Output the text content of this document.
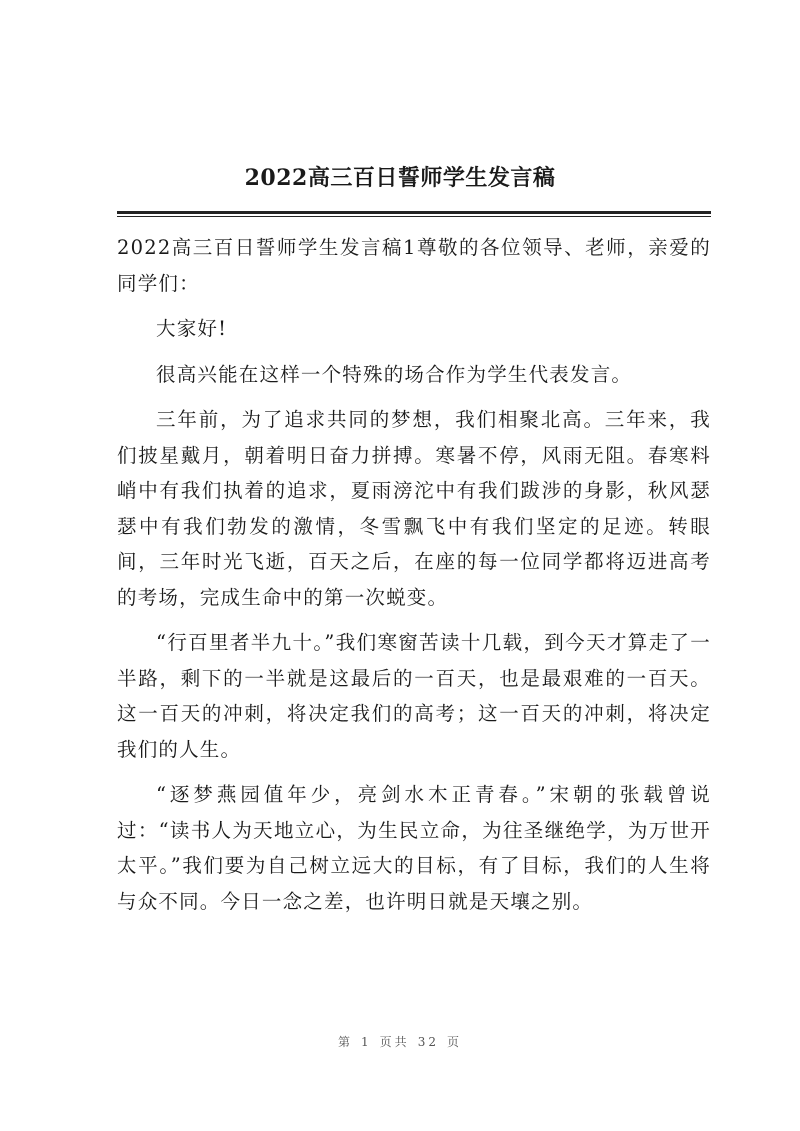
2022高三百日誓师学生发言稿

2022高三百日誓师学生发言稿1尊敬的各位领导、老师，亲爱的同学们：

大家好!

很高兴能在这样一个特殊的场合作为学生代表发言。

三年前，为了追求共同的梦想，我们相聚北高。三年来，我们披星戴月，朝着明日奋力拼搏。寒暑不停，风雨无阻。春寒料峭中有我们执着的追求，夏雨滂沱中有我们跋涉的身影，秋风瑟瑟中有我们勃发的激情，冬雪飘飞中有我们坚定的足迹。转眼间，三年时光飞逝，百天之后，在座的每一位同学都将迈进高考的考场，完成生命中的第一次蜕变。

“行百里者半九十。”我们寒窗苦读十几载，到今天才算走了一半路，剩下的一半就是这最后的一百天，也是最艰难的一百天。这一百天的冲刺，将决定我们的高考；这一百天的冲刺，将决定我们的人生。

“逐梦燕园值年少，亮剑水木正青春。”宋朝的张载曾说过：“读书人为天地立心，为生民立命，为往圣继绝学，为万世开太平。”我们要为自己树立远大的目标，有了目标，我们的人生将与众不同。今日一念之差，也许明日就是天壤之别。

第 1 页共 32 页
